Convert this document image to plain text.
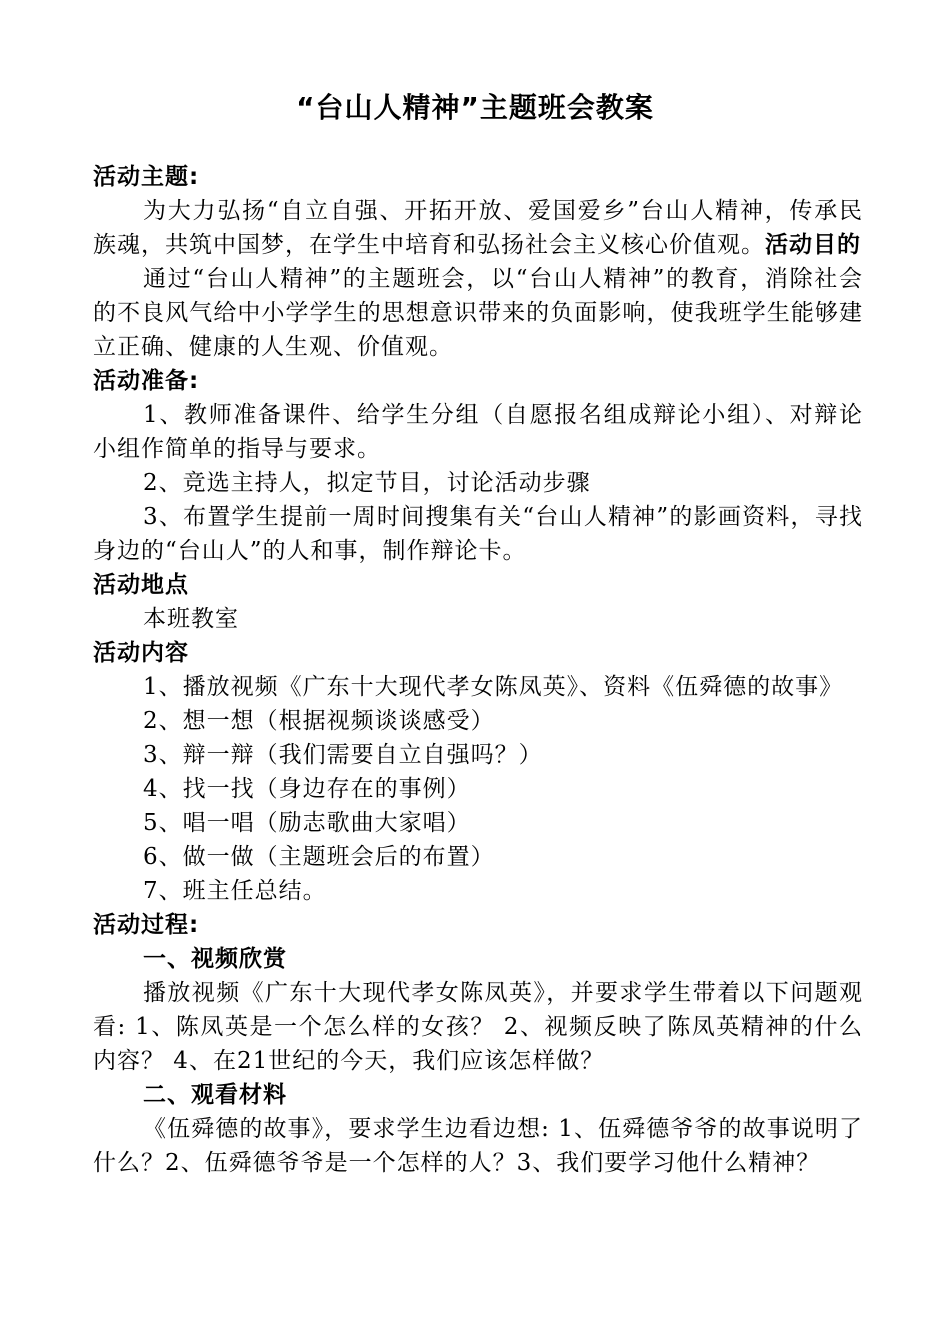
“台山人精神”主题班会教案
活动主题:
为大力弘扬“自立自强、开拓开放、爱国爱乡”台山人精神，传承民族魂，共筑中国梦，在学生中培育和弘扬社会主义核心价值观。活动目的
通过“台山人精神”的主题班会，以“台山人精神”的教育，消除社会的不良风气给中小学学生的思想意识带来的负面影响，使我班学生能够建立正确、健康的人生观、价值观。
活动准备:
1、教师准备课件、给学生分组（自愿报名组成辩论小组）、对辩论小组作简单的指导与要求。
2、竞选主持人，拟定节目，讨论活动步骤
3、布置学生提前一周时间搜集有关“台山人精神”的影画资料，寻找身边的“台山人”的人和事，制作辩论卡。
活动地点
本班教室
活动内容
1、播放视频《广东十大现代孝女陈凤英》、资料《伍舜德的故事》
2、想一想（根据视频谈谈感受）
3、辩一辩（我们需要自立自强吗？）
4、找一找（身边存在的事例）
5、唱一唱（励志歌曲大家唱）
6、做一做（主题班会后的布置）
7、班主任总结。
活动过程:
一、视频欣赏
播放视频《广东十大现代孝女陈凤英》，并要求学生带着以下问题观看: 1、陈凤英是一个怎么样的女孩？ 2、视频反映了陈凤英精神的什么内容？ 4、在21世纪的今天，我们应该怎样做？
二、观看材料
《伍舜德的故事》，要求学生边看边想: 1、伍舜德爷爷的故事说明了什么？2、伍舜德爷爷是一个怎样的人？3、我们要学习他什么精神？
